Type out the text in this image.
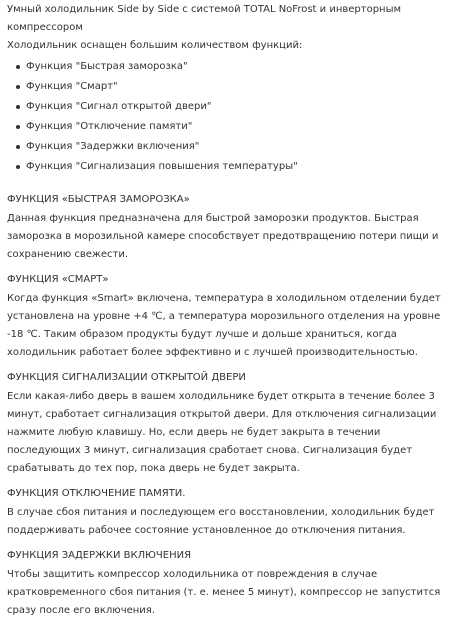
Умный холодильник Side by Side с системой TOTAL NoFrost и инверторным компрессором
Холодильник оснащен большим количеством функций:

Функция "Быстрая заморозка"
Функция "Смарт"
Функция "Сигнал открытой двери"
Функция "Отключение памяти"
Функция "Задержки включения"
Функция "Сигнализация повышения температуры"

ФУНКЦИЯ «БЫСТРАЯ ЗАМОРОЗКА»

Данная функция предназначена для быстрой заморозки продуктов. Быстрая заморозка в морозильной камере способствует предотвращению потери пищи и сохранению свежести.

ФУНКЦИЯ «СМАРТ»

Когда функция «Smart» включена, температура в холодильном отделении будет установлена на уровне +4 ℃, а температура морозильного отделения на уровне -18 ℃. Таким образом продукты будут лучше и дольше храниться, когда холодильник работает более эффективно и с лучшей производительностью.

ФУНКЦИЯ СИГНАЛИЗАЦИИ ОТКРЫТОЙ ДВЕРИ

Если какая-либо дверь в вашем холодильнике будет открыта в течение более 3 минут, сработает сигнализация открытой двери. Для отключения сигнализации нажмите любую клавишу. Но, если дверь не будет закрыта в течении последующих 3 минут, сигнализация сработает снова. Сигнализация будет срабатывать до тех пор, пока дверь не будет закрыта.

ФУНКЦИЯ ОТКЛЮЧЕНИЕ ПАМЯТИ.

В случае сбоя питания и последующем его восстановлении, холодильник будет поддерживать рабочее состояние установленное до отключения питания.

ФУНКЦИЯ ЗАДЕРЖКИ ВКЛЮЧЕНИЯ

Чтобы защитить компрессор холодильника от повреждения в случае кратковременного сбоя питания (т. е. менее 5 минут), компрессор не запустится сразу после его включения.
